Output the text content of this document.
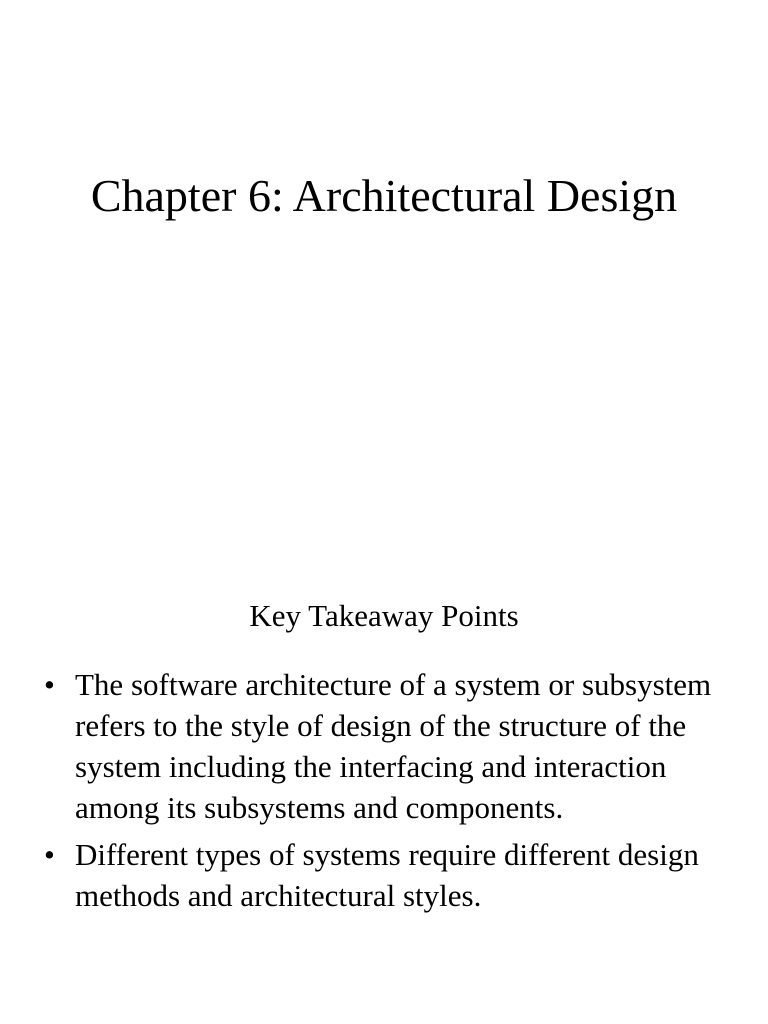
Chapter 6: Architectural Design
Key Takeaway Points
• The software architecture of a system or subsystem refers to the style of design of the structure of the system including the interfacing and interaction among its subsystems and components.
• Different types of systems require different design methods and architectural styles.
